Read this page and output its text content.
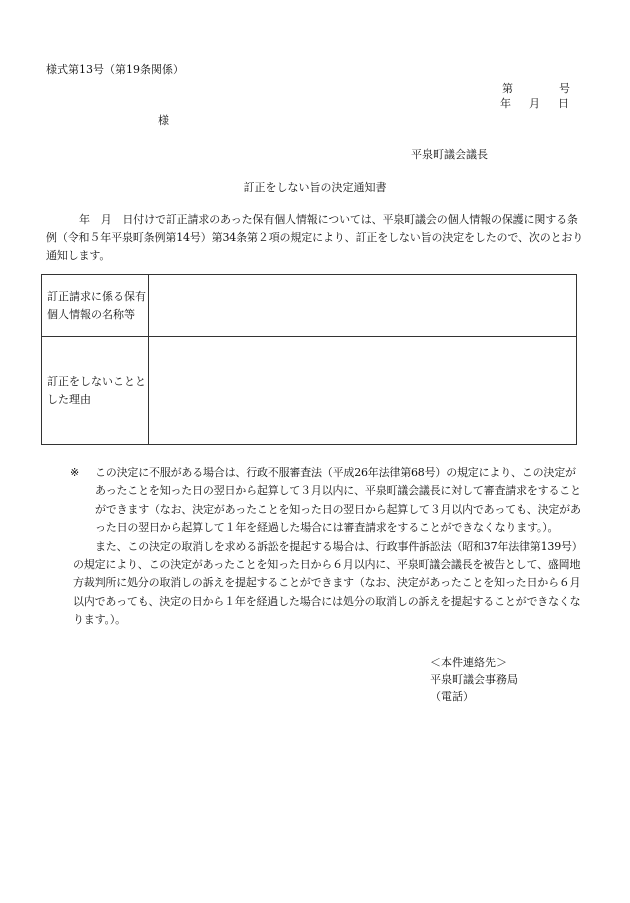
様式第13号（第19条関係）
第	号
年 月 日
様
平泉町議会議長
訂正をしない旨の決定通知書
年　月　日付けで訂正請求のあった保有個人情報については、平泉町議会の個人情報の保護に関する条例（令和５年平泉町条例第14号）第34条第２項の規定により、訂正をしない旨の決定をしたので、次のとおり通知します。
訂正請求に係る保有個人情報の名称等	
訂正をしないこととした理由	
※	この決定に不服がある場合は、行政不服審査法（平成26年法律第68号）の規定により、この決定があったことを知った日の翌日から起算して３月以内に、平泉町議会議長に対して審査請求をすることができます（なお、決定があったことを知った日の翌日から起算して３月以内であっても、決定があった日の翌日から起算して１年を経過した場合には審査請求をすることができなくなります。）。
また、この決定の取消しを求める訴訟を提起する場合は、行政事件訴訟法（昭和37年法律第139号）の規定により、この決定があったことを知った日から６月以内に、平泉町議会議長を被告として、盛岡地方裁判所に処分の取消しの訴えを提起することができます（なお、決定があったことを知った日から６月以内であっても、決定の日から１年を経過した場合には処分の取消しの訴えを提起することができなくなります。）。
＜本件連絡先＞
平泉町議会事務局
（電話）
